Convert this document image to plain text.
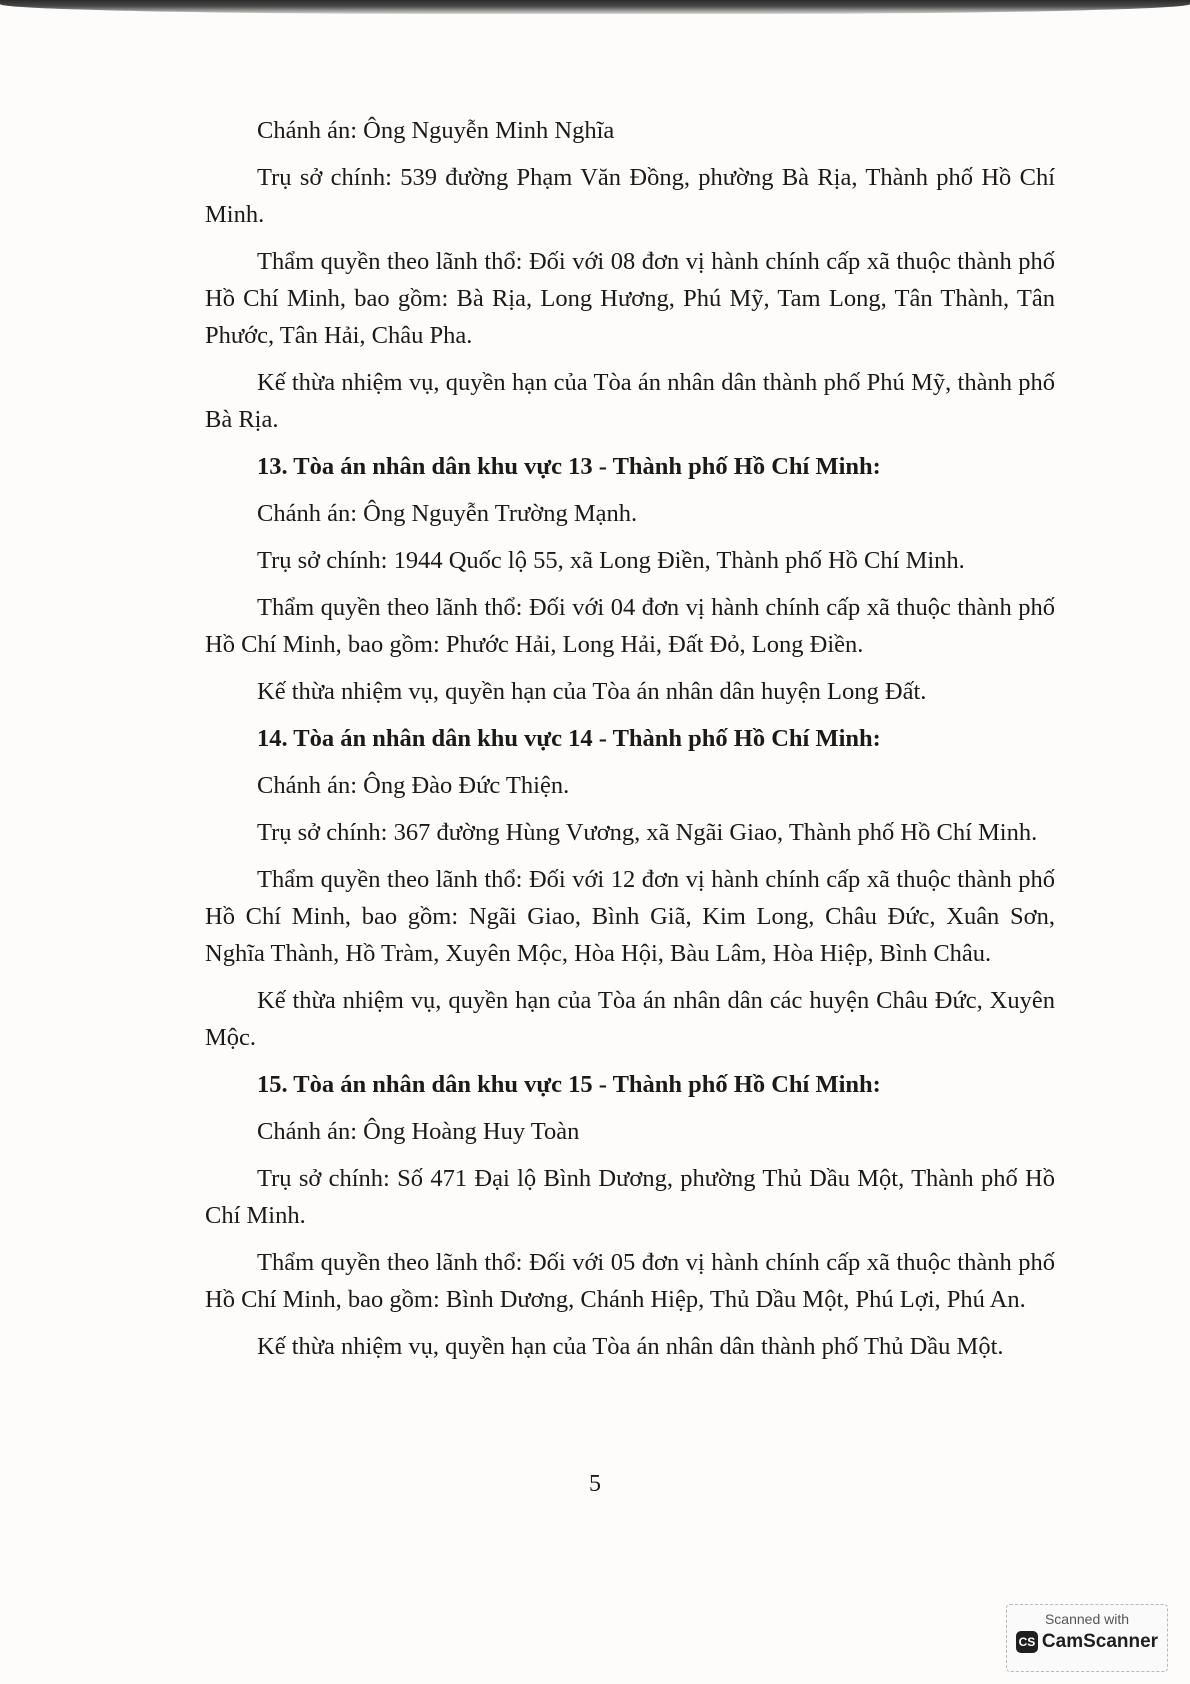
Chánh án: Ông Nguyễn Minh Nghĩa

Trụ sở chính: 539 đường Phạm Văn Đồng, phường Bà Rịa, Thành phố Hồ Chí Minh.

Thẩm quyền theo lãnh thổ: Đối với 08 đơn vị hành chính cấp xã thuộc thành phố Hồ Chí Minh, bao gồm: Bà Rịa, Long Hương, Phú Mỹ, Tam Long, Tân Thành, Tân Phước, Tân Hải, Châu Pha.

Kế thừa nhiệm vụ, quyền hạn của Tòa án nhân dân thành phố Phú Mỹ, thành phố Bà Rịa.

13. Tòa án nhân dân khu vực 13 - Thành phố Hồ Chí Minh:

Chánh án: Ông Nguyễn Trường Mạnh.

Trụ sở chính: 1944 Quốc lộ 55, xã Long Điền, Thành phố Hồ Chí Minh.

Thẩm quyền theo lãnh thổ: Đối với 04 đơn vị hành chính cấp xã thuộc thành phố Hồ Chí Minh, bao gồm: Phước Hải, Long Hải, Đất Đỏ, Long Điền.

Kế thừa nhiệm vụ, quyền hạn của Tòa án nhân dân huyện Long Đất.

14. Tòa án nhân dân khu vực 14 - Thành phố Hồ Chí Minh:

Chánh án: Ông Đào Đức Thiện.

Trụ sở chính: 367 đường Hùng Vương, xã Ngãi Giao, Thành phố Hồ Chí Minh.

Thẩm quyền theo lãnh thổ: Đối với 12 đơn vị hành chính cấp xã thuộc thành phố Hồ Chí Minh, bao gồm: Ngãi Giao, Bình Giã, Kim Long, Châu Đức, Xuân Sơn, Nghĩa Thành, Hồ Tràm, Xuyên Mộc, Hòa Hội, Bàu Lâm, Hòa Hiệp, Bình Châu.

Kế thừa nhiệm vụ, quyền hạn của Tòa án nhân dân các huyện Châu Đức, Xuyên Mộc.

15. Tòa án nhân dân khu vực 15 - Thành phố Hồ Chí Minh:

Chánh án: Ông Hoàng Huy Toàn

Trụ sở chính: Số 471 Đại lộ Bình Dương, phường Thủ Dầu Một, Thành phố Hồ Chí Minh.

Thẩm quyền theo lãnh thổ: Đối với 05 đơn vị hành chính cấp xã thuộc thành phố Hồ Chí Minh, bao gồm: Bình Dương, Chánh Hiệp, Thủ Dầu Một, Phú Lợi, Phú An.

Kế thừa nhiệm vụ, quyền hạn của Tòa án nhân dân thành phố Thủ Dầu Một.

5
Scanned with
CS CamScanner
